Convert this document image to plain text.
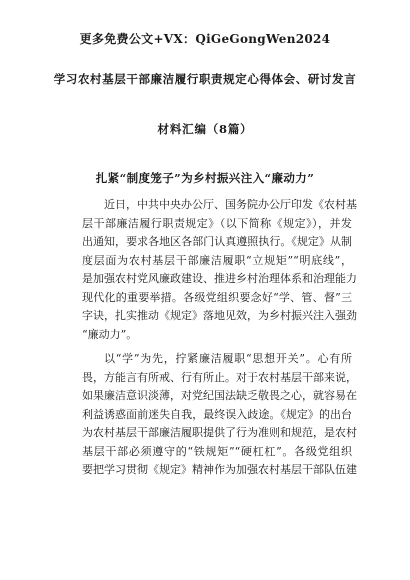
更多免费公文+VX：QiGeGongWen2024
学习农村基层干部廉洁履行职责规定心得体会、研讨发言
材料汇编（8篇）
扎紧“制度笼子”为乡村振兴注入“廉动力”

近日，中共中央办公厅、国务院办公厅印发《农村基
层干部廉洁履行职责规定》（以下简称《规定》），并发
出通知，要求各地区各部门认真遵照执行。《规定》从制
度层面为农村基层干部廉洁履职“立规矩”“明底线”，
是加强农村党风廉政建设、推进乡村治理体系和治理能力
现代化的重要举措。各级党组织要念好“学、管、督”三
字诀，扎实推动《规定》落地见效，为乡村振兴注入强劲
“廉动力”。

以“学”为先，拧紧廉洁履职“思想开关”。心有所
畏，方能言有所戒、行有所止。对于农村基层干部来说，
如果廉洁意识淡薄，对党纪国法缺乏敬畏之心，就容易在
利益诱惑面前迷失自我，最终误入歧途。《规定》的出台
为农村基层干部廉洁履职提供了行为准则和规范，是农村
基层干部必须遵守的“铁规矩”“硬杠杠”。各级党组织
要把学习贯彻《规定》精神作为加强农村基层干部队伍建
